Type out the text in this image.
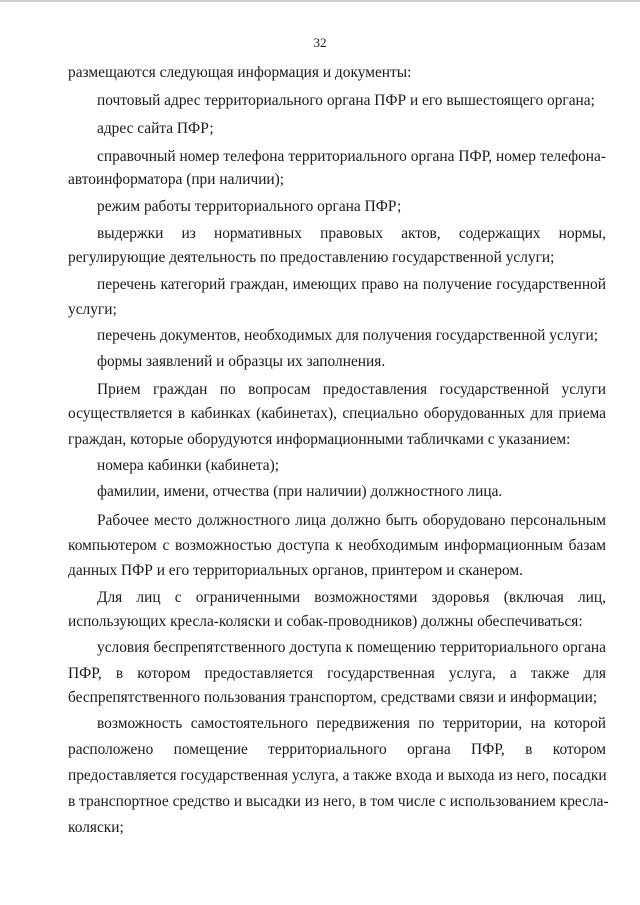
32
размещаются следующая информация и документы:
почтовый адрес территориального органа ПФР и его вышестоящего органа;
адрес сайта ПФР;
справочный номер телефона территориального органа ПФР, номер телефона-
автоинформатора (при наличии);
режим работы территориального органа ПФР;
выдержки из нормативных правовых актов, содержащих нормы,
регулирующие деятельность по предоставлению государственной услуги;
перечень категорий граждан, имеющих право на получение государственной
услуги;
перечень документов, необходимых для получения государственной услуги;
формы заявлений и образцы их заполнения.
Прием граждан по вопросам предоставления государственной услуги
осуществляется в кабинках (кабинетах), специально оборудованных для приема
граждан, которые оборудуются информационными табличками с указанием:
номера кабинки (кабинета);
фамилии, имени, отчества (при наличии) должностного лица.
Рабочее место должностного лица должно быть оборудовано персональным
компьютером с возможностью доступа к необходимым информационным базам
данных ПФР и его территориальных органов, принтером и сканером.
Для лиц с ограниченными возможностями здоровья (включая лиц,
использующих кресла-коляски и собак-проводников) должны обеспечиваться:
условия беспрепятственного доступа к помещению территориального органа
ПФР, в котором предоставляется государственная услуга, а также для
беспрепятственного пользования транспортом, средствами связи и информации;
возможность самостоятельного передвижения по территории, на которой
расположено помещение территориального органа ПФР, в котором
предоставляется государственная услуга, а также входа и выхода из него, посадки
в транспортное средство и высадки из него, в том числе с использованием кресла-
коляски;
